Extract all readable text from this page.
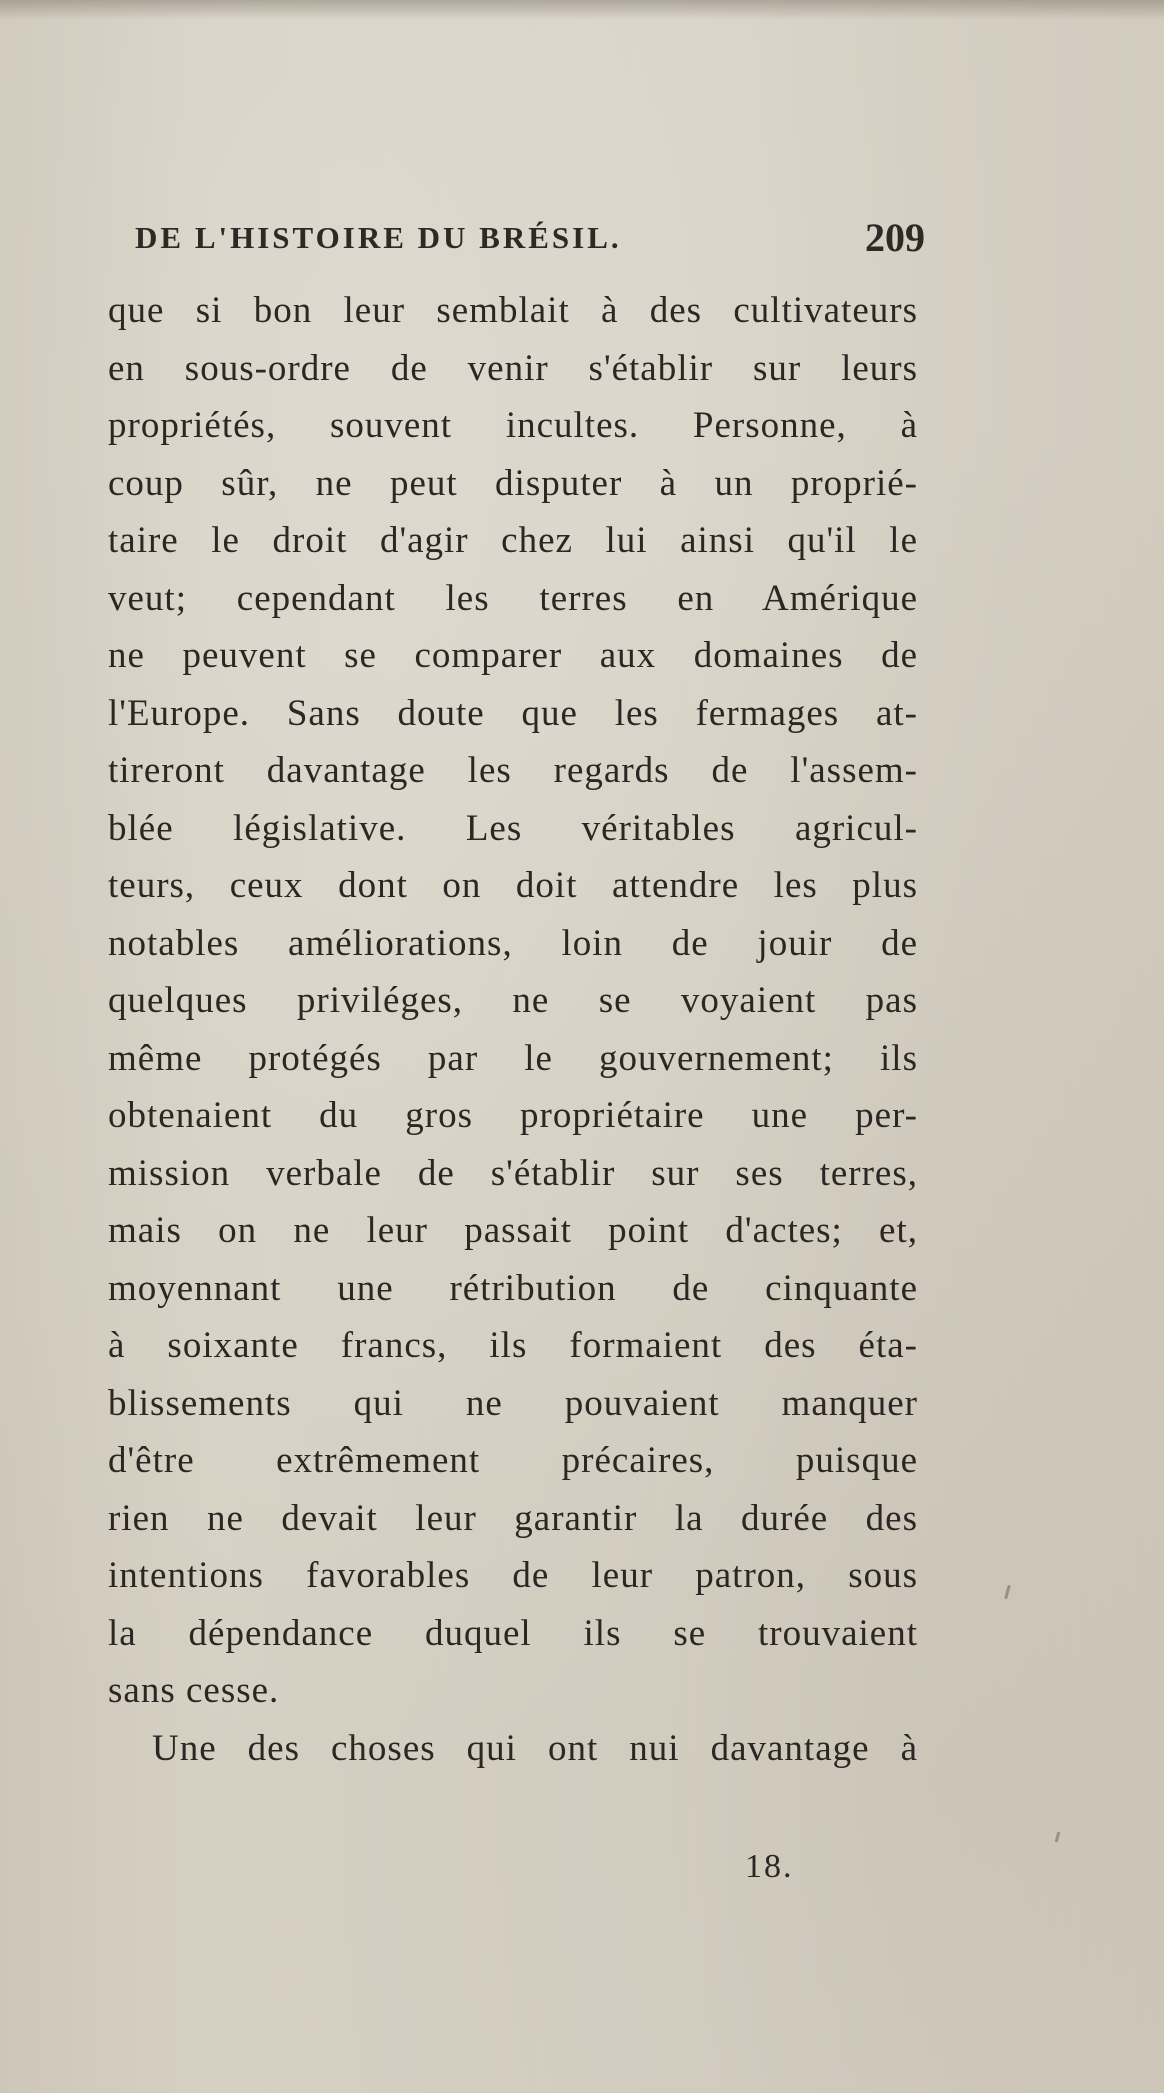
DE L'HISTOIRE DU BRÉSIL.	209
que si bon leur semblait à des cultivateurs
en sous-ordre de venir s'établir sur leurs
propriétés, souvent incultes. Personne, à
coup sûr, ne peut disputer à un proprié-
taire le droit d'agir chez lui ainsi qu'il le
veut; cependant les terres en Amérique
ne peuvent se comparer aux domaines de
l'Europe. Sans doute que les fermages at-
tireront davantage les regards de l'assem-
blée législative. Les véritables agricul-
teurs, ceux dont on doit attendre les plus
notables améliorations, loin de jouir de
quelques priviléges, ne se voyaient pas
même protégés par le gouvernement; ils
obtenaient du gros propriétaire une per-
mission verbale de s'établir sur ses terres,
mais on ne leur passait point d'actes; et,
moyennant une rétribution de cinquante
à soixante francs, ils formaient des éta-
blissements qui ne pouvaient manquer
d'être extrêmement précaires, puisque
rien ne devait leur garantir la durée des
intentions favorables de leur patron, sous
la dépendance duquel ils se trouvaient
sans cesse.
Une des choses qui ont nui davantage à
18.
